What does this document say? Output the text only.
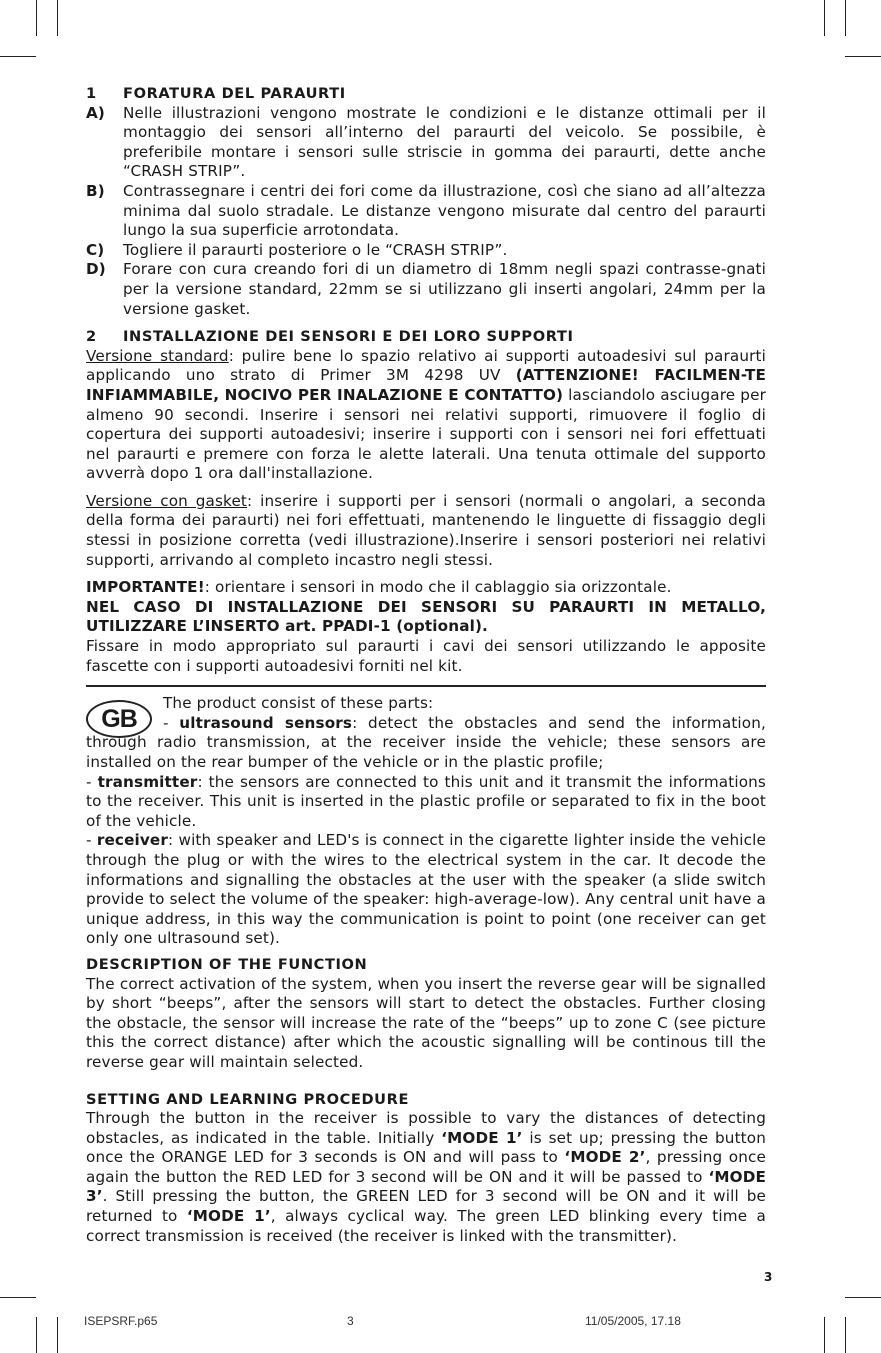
1 FORATURA DEL PARAURTI
A) Nelle illustrazioni vengono mostrate le condizioni e le distanze ottimali per il montaggio dei sensori all’interno del paraurti del veicolo. Se possibile, è preferibile montare i sensori sulle striscie in gomma dei paraurti, dette anche “CRASH STRIP”.
B) Contrassegnare i centri dei fori come da illustrazione, così che siano ad all’altezza minima dal suolo stradale. Le distanze vengono misurate dal centro del paraurti lungo la sua superficie arrotondata.
C) Togliere il paraurti posteriore o le “CRASH STRIP”.
D) Forare con cura creando fori di un diametro di 18mm negli spazi contrasse-gnati per la versione standard, 22mm se si utilizzano gli inserti angolari, 24mm per la versione gasket.
2 INSTALLAZIONE DEI SENSORI E DEI LORO SUPPORTI

Versione standard: pulire bene lo spazio relativo ai supporti autoadesivi sul paraurti applicando uno strato di Primer 3M 4298 UV (ATTENZIONE! FACILMEN-TE INFIAMMABILE, NOCIVO PER INALAZIONE E CONTATTO) lasciandolo asciugare per almeno 90 secondi. Inserire i sensori nei relativi supporti, rimuovere il foglio di copertura dei supporti autoadesivi; inserire i supporti con i sensori nei fori effettuati nel paraurti e premere con forza le alette laterali. Una tenuta ottimale del supporto avverrà dopo 1 ora dall'installazione.

Versione con gasket: inserire i supporti per i sensori (normali o angolari, a seconda della forma dei paraurti) nei fori effettuati, mantenendo le linguette di fissaggio degli stessi in posizione corretta (vedi illustrazione).Inserire i sensori posteriori nei relativi supporti, arrivando al completo incastro negli stessi.

IMPORTANTE!: orientare i sensori in modo che il cablaggio sia orizzontale.

NEL CASO DI INSTALLAZIONE DEI SENSORI SU PARAURTI IN METALLO, UTILIZZARE L’INSERTO art. PPADI-1 (optional).

Fissare in modo appropriato sul paraurti i cavi dei sensori utilizzando le apposite fascette con i supporti autoadesivi forniti nel kit.

GB

The product consist of these parts:

- ultrasound sensors: detect the obstacles and send the information, through radio transmission, at the receiver inside the vehicle; these sensors are installed on the rear bumper of the vehicle or in the plastic profile;

- transmitter: the sensors are connected to this unit and it transmit the informations to the receiver. This unit is inserted in the plastic profile or separated to fix in the boot of the vehicle.

- receiver: with speaker and LED's is connect in the cigarette lighter inside the vehicle through the plug or with the wires to the electrical system in the car. It decode the informations and signalling the obstacles at the user with the speaker (a slide switch provide to select the volume of the speaker: high-average-low). Any central unit have a unique address, in this way the communication is point to point (one receiver can get only one ultrasound set).

DESCRIPTION OF THE FUNCTION

The correct activation of the system, when you insert the reverse gear will be signalled by short “beeps”, after the sensors will start to detect the obstacles. Further closing the obstacle, the sensor will increase the rate of the “beeps” up to zone C (see picture this the correct distance) after which the acoustic signalling will be continous till the reverse gear will maintain selected.

SETTING AND LEARNING PROCEDURE

Through the button in the receiver is possible to vary the distances of detecting obstacles, as indicated in the table. Initially ‘MODE 1’ is set up; pressing the button once the ORANGE LED for 3 seconds is ON and will pass to ‘MODE 2’, pressing once again the button the RED LED for 3 second will be ON and it will be passed to ‘MODE 3’. Still pressing the button, the GREEN LED for 3 second will be ON and it will be returned to ‘MODE 1’, always cyclical way. The green LED blinking every time a correct transmission is received (the receiver is linked with the transmitter).

3
ISEPSRF.p65	3	11/05/2005, 17.18
